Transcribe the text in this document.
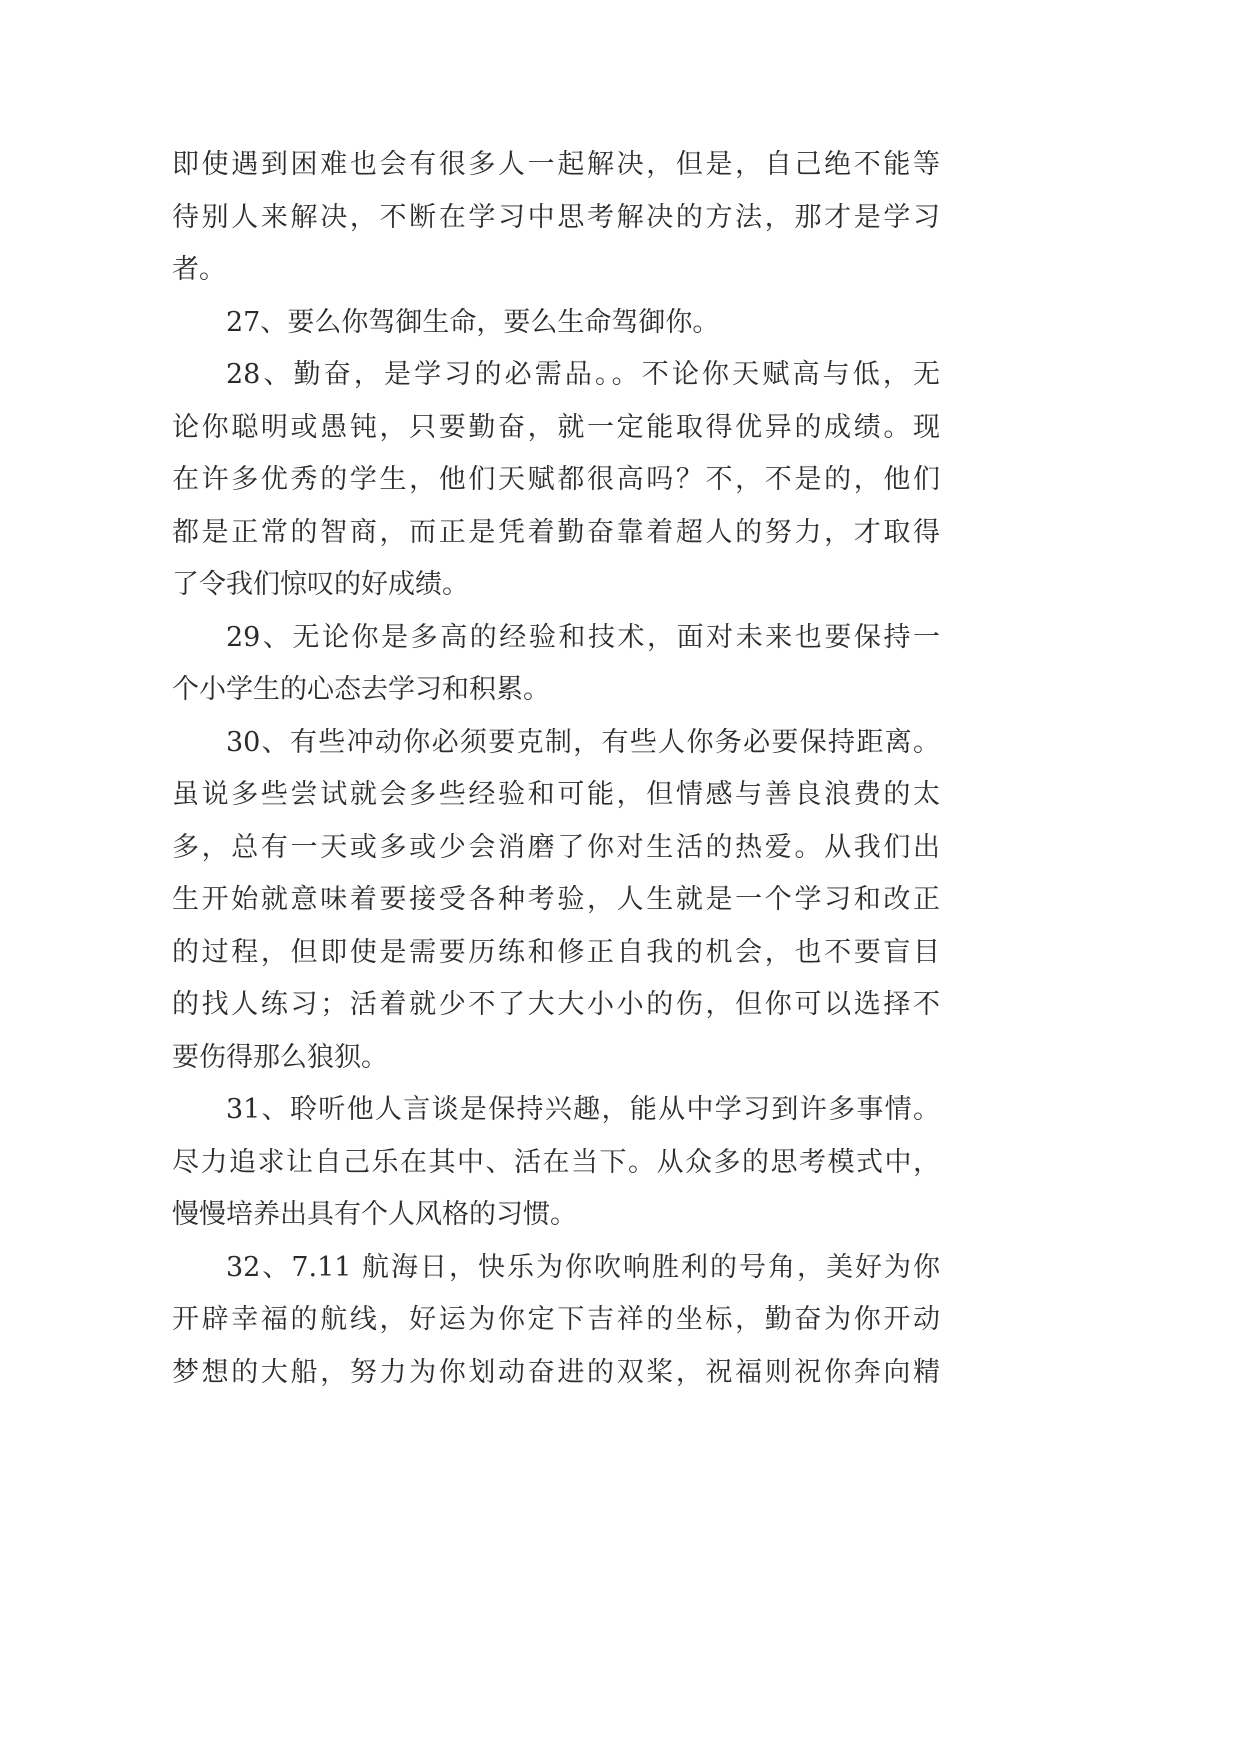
即使遇到困难也会有很多人一起解决，但是，自己绝不能等
待别人来解决，不断在学习中思考解决的方法，那才是学习
者。
27、要么你驾御生命，要么生命驾御你。
28、勤奋，是学习的必需品。。不论你天赋高与低，无
论你聪明或愚钝，只要勤奋，就一定能取得优异的成绩。现
在许多优秀的学生，他们天赋都很高吗？不，不是的，他们
都是正常的智商，而正是凭着勤奋靠着超人的努力，才取得
了令我们惊叹的好成绩。
29、无论你是多高的经验和技术，面对未来也要保持一
个小学生的心态去学习和积累。
30、有些冲动你必须要克制，有些人你务必要保持距离。
虽说多些尝试就会多些经验和可能，但情感与善良浪费的太
多，总有一天或多或少会消磨了你对生活的热爱。从我们出
生开始就意味着要接受各种考验，人生就是一个学习和改正
的过程，但即使是需要历练和修正自我的机会，也不要盲目
的找人练习；活着就少不了大大小小的伤，但你可以选择不
要伤得那么狼狈。
31、聆听他人言谈是保持兴趣，能从中学习到许多事情。
尽力追求让自己乐在其中、活在当下。从众多的思考模式中，
慢慢培养出具有个人风格的习惯。
32、7.11 航海日，快乐为你吹响胜利的号角，美好为你
开辟幸福的航线，好运为你定下吉祥的坐标，勤奋为你开动
梦想的大船，努力为你划动奋进的双桨，祝福则祝你奔向精
